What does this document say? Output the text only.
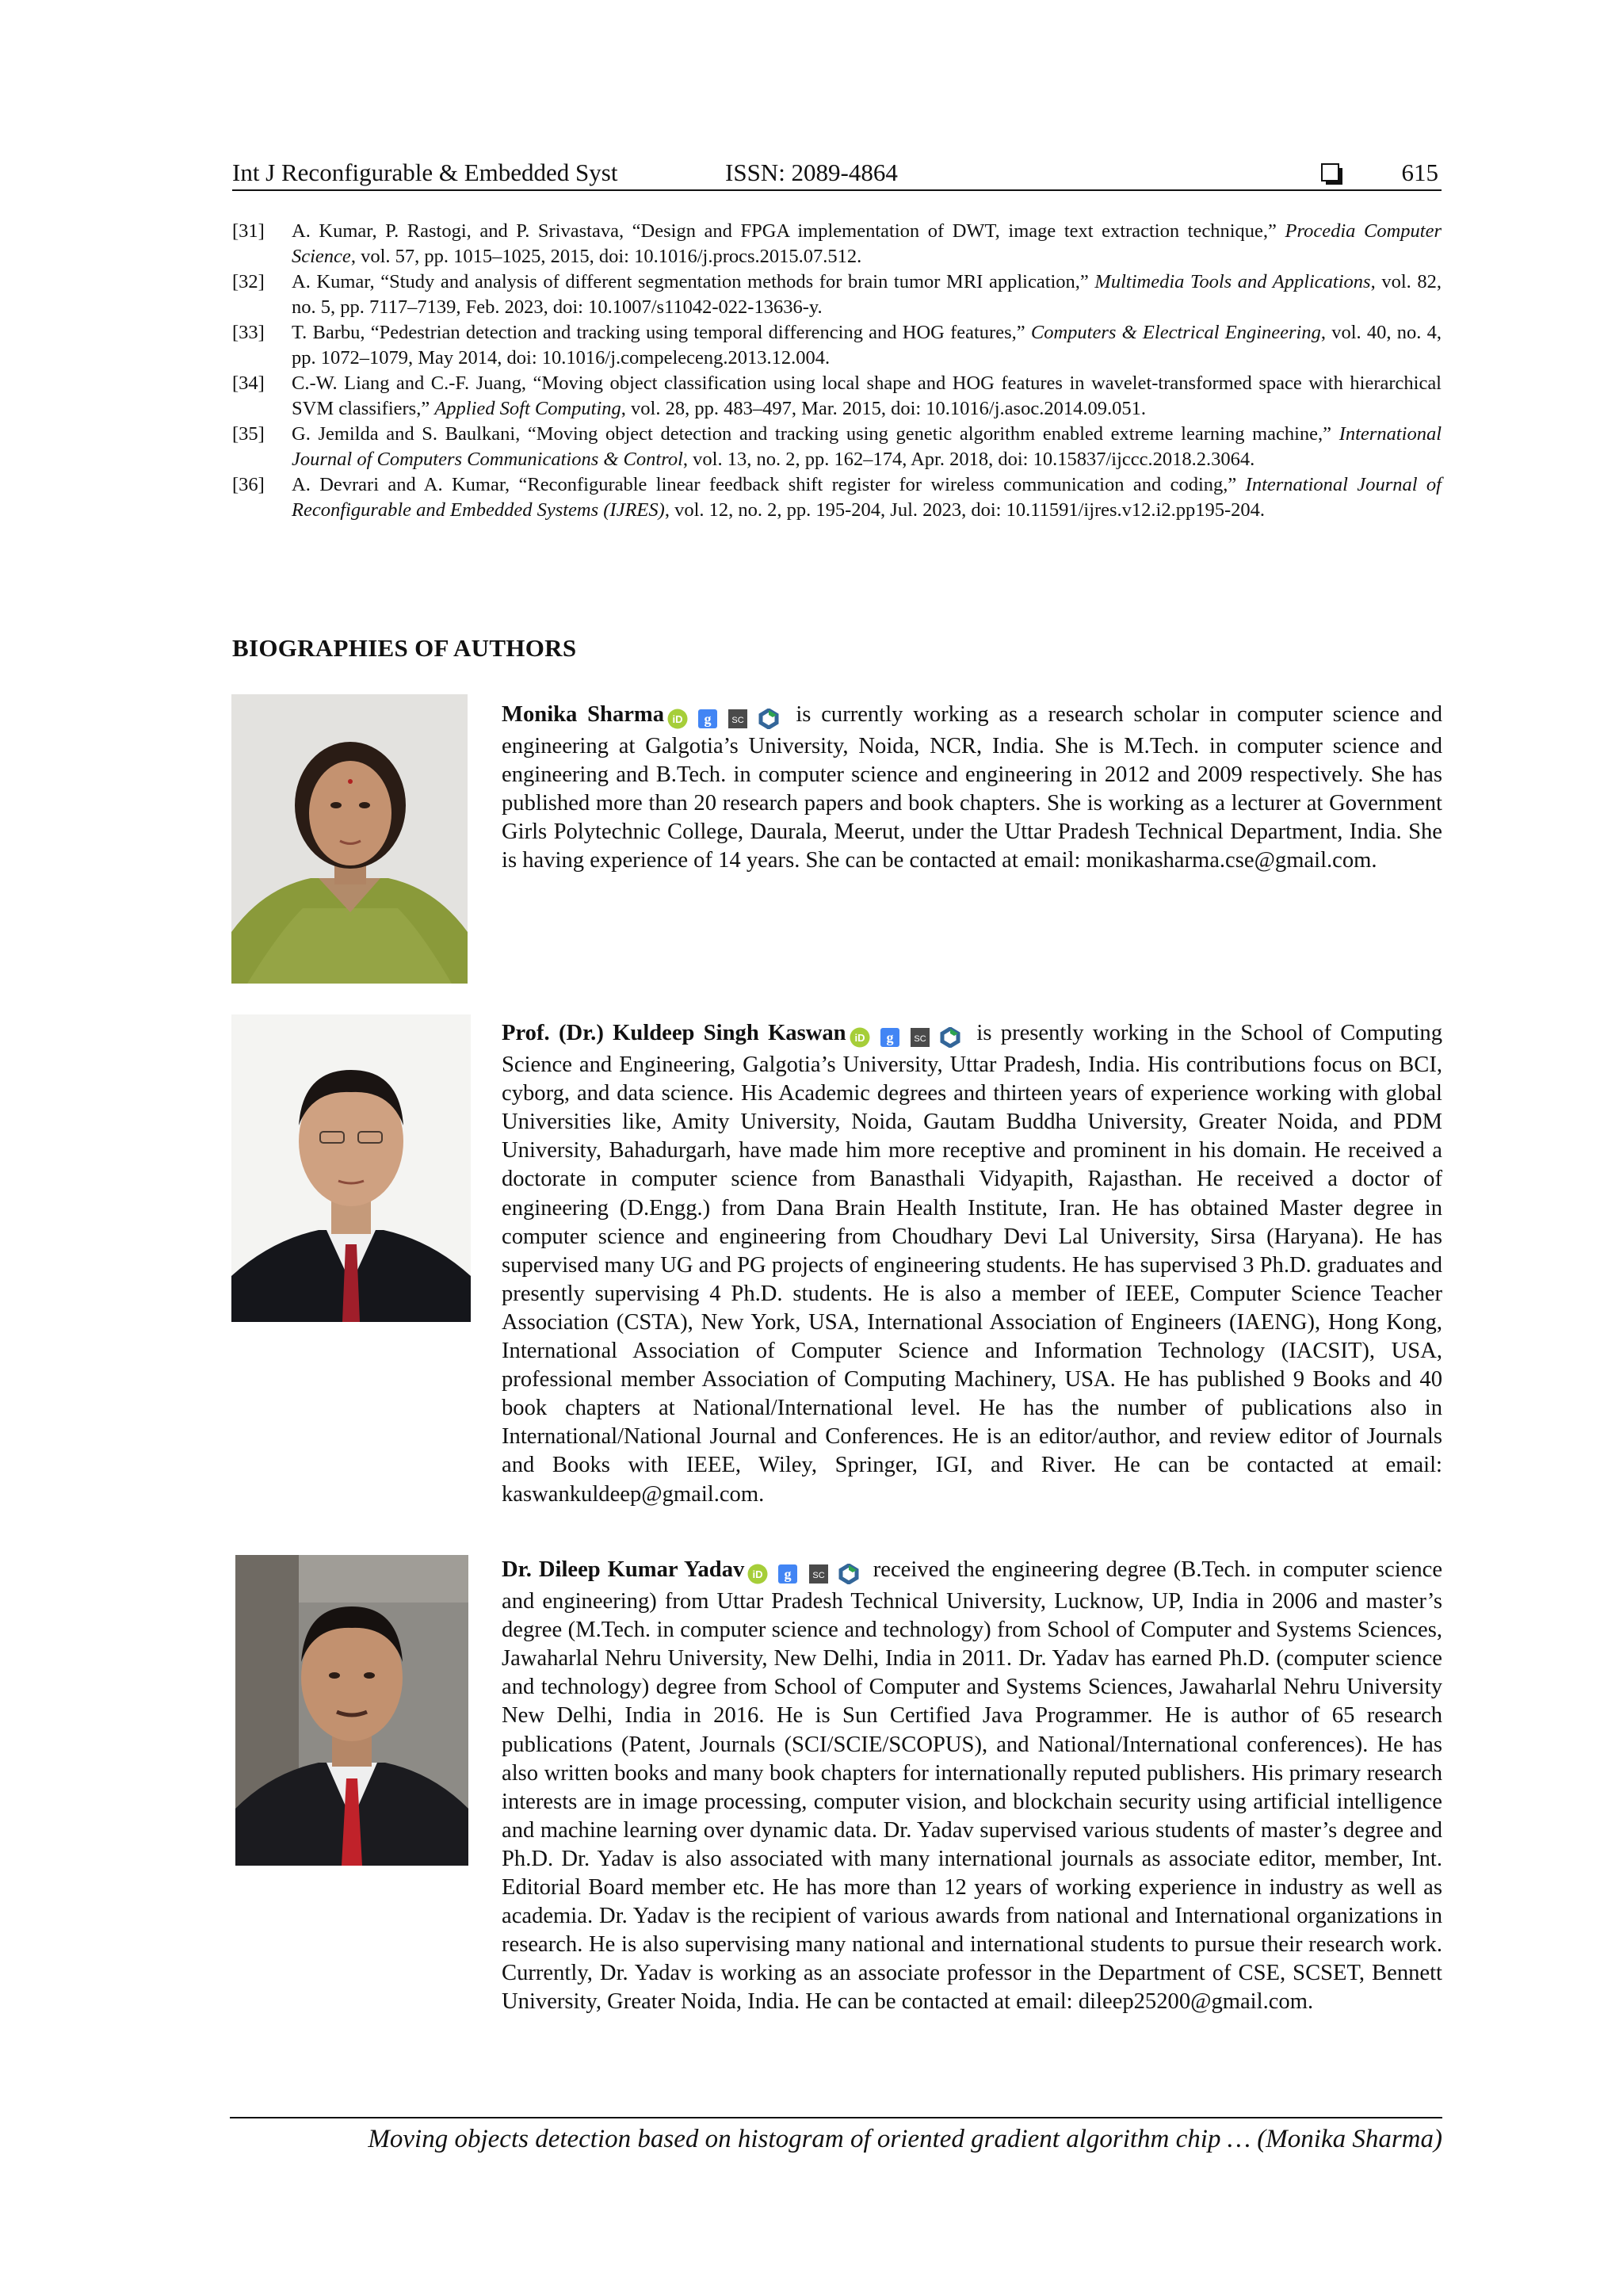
Int J Reconfigurable & Embedded Syst	ISSN: 2089-4864	615
[31] A. Kumar, P. Rastogi, and P. Srivastava, “Design and FPGA implementation of DWT, image text extraction technique,” Procedia Computer Science, vol. 57, pp. 1015–1025, 2015, doi: 10.1016/j.procs.2015.07.512.
[32] A. Kumar, “Study and analysis of different segmentation methods for brain tumor MRI application,” Multimedia Tools and Applications, vol. 82, no. 5, pp. 7117–7139, Feb. 2023, doi: 10.1007/s11042-022-13636-y.
[33] T. Barbu, “Pedestrian detection and tracking using temporal differencing and HOG features,” Computers & Electrical Engineering, vol. 40, no. 4, pp. 1072–1079, May 2014, doi: 10.1016/j.compeleceng.2013.12.004.
[34] C.-W. Liang and C.-F. Juang, “Moving object classification using local shape and HOG features in wavelet-transformed space with hierarchical SVM classifiers,” Applied Soft Computing, vol. 28, pp. 483–497, Mar. 2015, doi: 10.1016/j.asoc.2014.09.051.
[35] G. Jemilda and S. Baulkani, “Moving object detection and tracking using genetic algorithm enabled extreme learning machine,” International Journal of Computers Communications & Control, vol. 13, no. 2, pp. 162–174, Apr. 2018, doi: 10.15837/ijccc.2018.2.3064.
[36] A. Devrari and A. Kumar, “Reconfigurable linear feedback shift register for wireless communication and coding,” International Journal of Reconfigurable and Embedded Systems (IJRES), vol. 12, no. 2, pp. 195-204, Jul. 2023, doi: 10.11591/ijres.v12.i2.pp195-204.
BIOGRAPHIES OF AUTHORS
Monika Sharma iD
g
SC is currently working as a research scholar in computer science and engineering at Galgotia’s University, Noida, NCR, India. She is M.Tech. in computer science and engineering and B.Tech. in computer science and engineering in 2012 and 2009 respectively. She has published more than 20 research papers and book chapters. She is working as a lecturer at Government Girls Polytechnic College, Daurala, Meerut, under the Uttar Pradesh Technical Department, India. She is having experience of 14 years. She can be contacted at email: monikasharma.cse@gmail.com.
Prof. (Dr.) Kuldeep Singh Kaswan iD
g
SC is presently working in the School of Computing Science and Engineering, Galgotia’s University, Uttar Pradesh, India. His contributions focus on BCI, cyborg, and data science. His Academic degrees and thirteen years of experience working with global Universities like, Amity University, Noida, Gautam Buddha University, Greater Noida, and PDM University, Bahadurgarh, have made him more receptive and prominent in his domain. He received a doctorate in computer science from Banasthali Vidyapith, Rajasthan. He received a doctor of engineering (D.Engg.) from Dana Brain Health Institute, Iran. He has obtained Master degree in computer science and engineering from Choudhary Devi Lal University, Sirsa (Haryana). He has supervised many UG and PG projects of engineering students. He has supervised 3 Ph.D. graduates and presently supervising 4 Ph.D. students. He is also a member of IEEE, Computer Science Teacher Association (CSTA), New York, USA, International Association of Engineers (IAENG), Hong Kong, International Association of Computer Science and Information Technology (IACSIT), USA, professional member Association of Computing Machinery, USA. He has published 9 Books and 40 book chapters at National/International level. He has the number of publications also in International/National Journal and Conferences. He is an editor/author, and review editor of Journals and Books with IEEE, Wiley, Springer, IGI, and River. He can be contacted at email: kaswankuldeep@gmail.com.
Dr. Dileep Kumar Yadav iD
g
SC received the engineering degree (B.Tech. in computer science and engineering) from Uttar Pradesh Technical University, Lucknow, UP, India in 2006 and master’s degree (M.Tech. in computer science and technology) from School of Computer and Systems Sciences, Jawaharlal Nehru University, New Delhi, India in 2011. Dr. Yadav has earned Ph.D. (computer science and technology) degree from School of Computer and Systems Sciences, Jawaharlal Nehru University New Delhi, India in 2016. He is Sun Certified Java Programmer. He is author of 65 research publications (Patent, Journals (SCI/SCIE/SCOPUS), and National/International conferences). He has also written books and many book chapters for internationally reputed publishers. His primary research interests are in image processing, computer vision, and blockchain security using artificial intelligence and machine learning over dynamic data. Dr. Yadav supervised various students of master’s degree and Ph.D. Dr. Yadav is also associated with many international journals as associate editor, member, Int. Editorial Board member etc. He has more than 12 years of working experience in industry as well as academia. Dr. Yadav is the recipient of various awards from national and International organizations in research. He is also supervising many national and international students to pursue their research work. Currently, Dr. Yadav is working as an associate professor in the Department of CSE, SCSET, Bennett University, Greater Noida, India. He can be contacted at email: dileep25200@gmail.com.
Moving objects detection based on histogram of oriented gradient algorithm chip … (Monika Sharma)
